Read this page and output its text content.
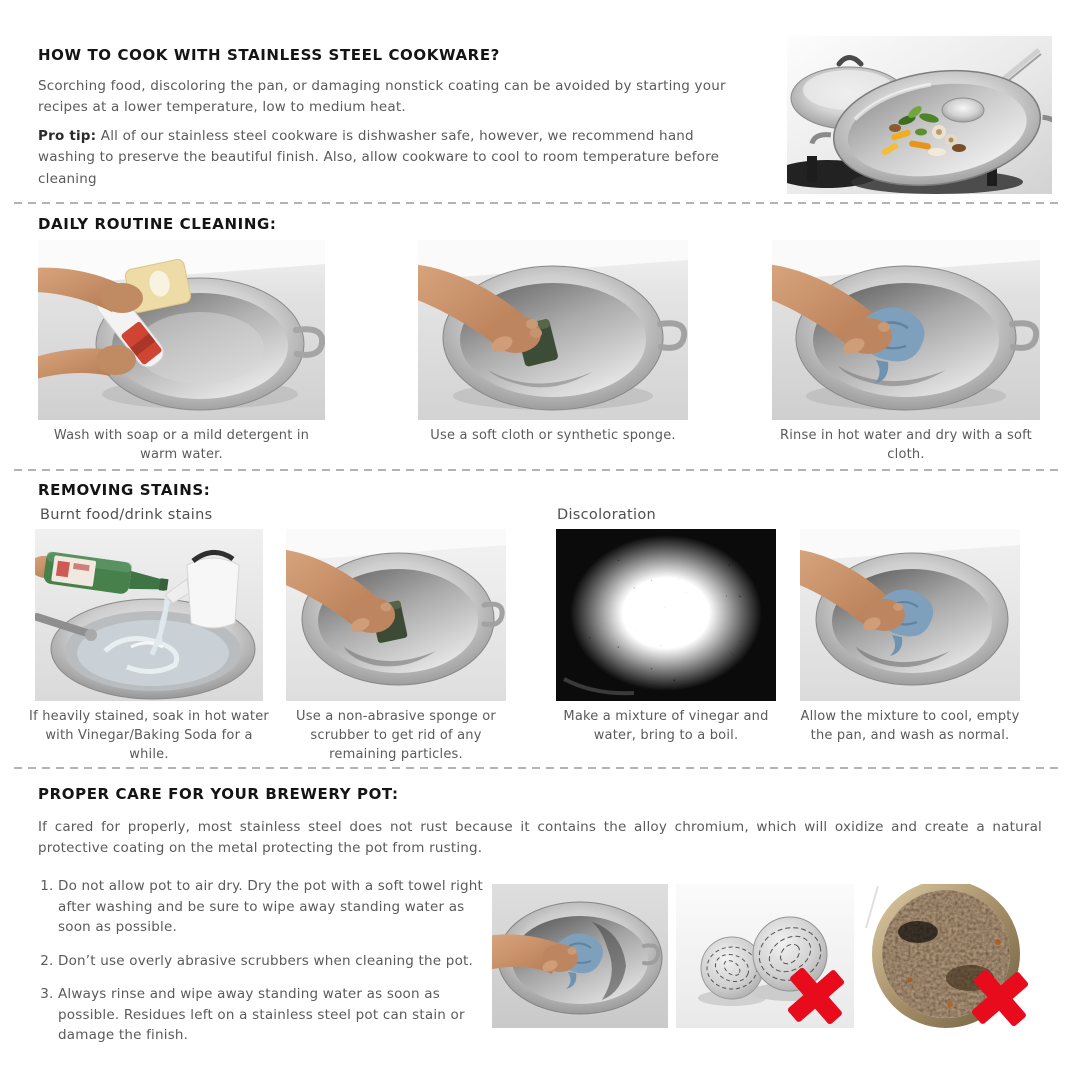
HOW TO COOK WITH STAINLESS STEEL COOKWARE?
Scorching food, discoloring the pan, or damaging nonstick coating can be avoided by starting your recipes at a lower temperature, low to medium heat.
Pro tip: All of our stainless steel cookware is dishwasher safe, however, we recommend hand washing to preserve the beautiful finish. Also, allow cookware to cool to room temperature before cleaning
DAILY ROUTINE CLEANING:
Wash with soap or a mild detergent in warm water.
Use a soft cloth or synthetic sponge.	Rinse in hot water and dry with a soft cloth.
REMOVING STAINS:
Burnt food/drink stains	Discoloration
If heavily stained, soak in hot water with Vinegar/Baking Soda for a while.
Use a non-abrasive sponge or scrubber to get rid of any remaining particles.
Make a mixture of vinegar and water, bring to a boil.
Allow the mixture to cool, empty the pan, and wash as normal.
PROPER CARE FOR YOUR BREWERY POT:
If cared for properly, most stainless steel does not rust because it contains the alloy chromium, which will oxidize and create a natural protective coating on the metal protecting the pot from rusting.
1. Do not allow pot to air dry. Dry the pot with a soft towel right after washing and be sure to wipe away standing water as soon as possible.
2. Don’t use overly abrasive scrubbers when cleaning the pot.
3. Always rinse and wipe away standing water as soon as possible. Residues left on a stainless steel pot can stain or damage the finish.
